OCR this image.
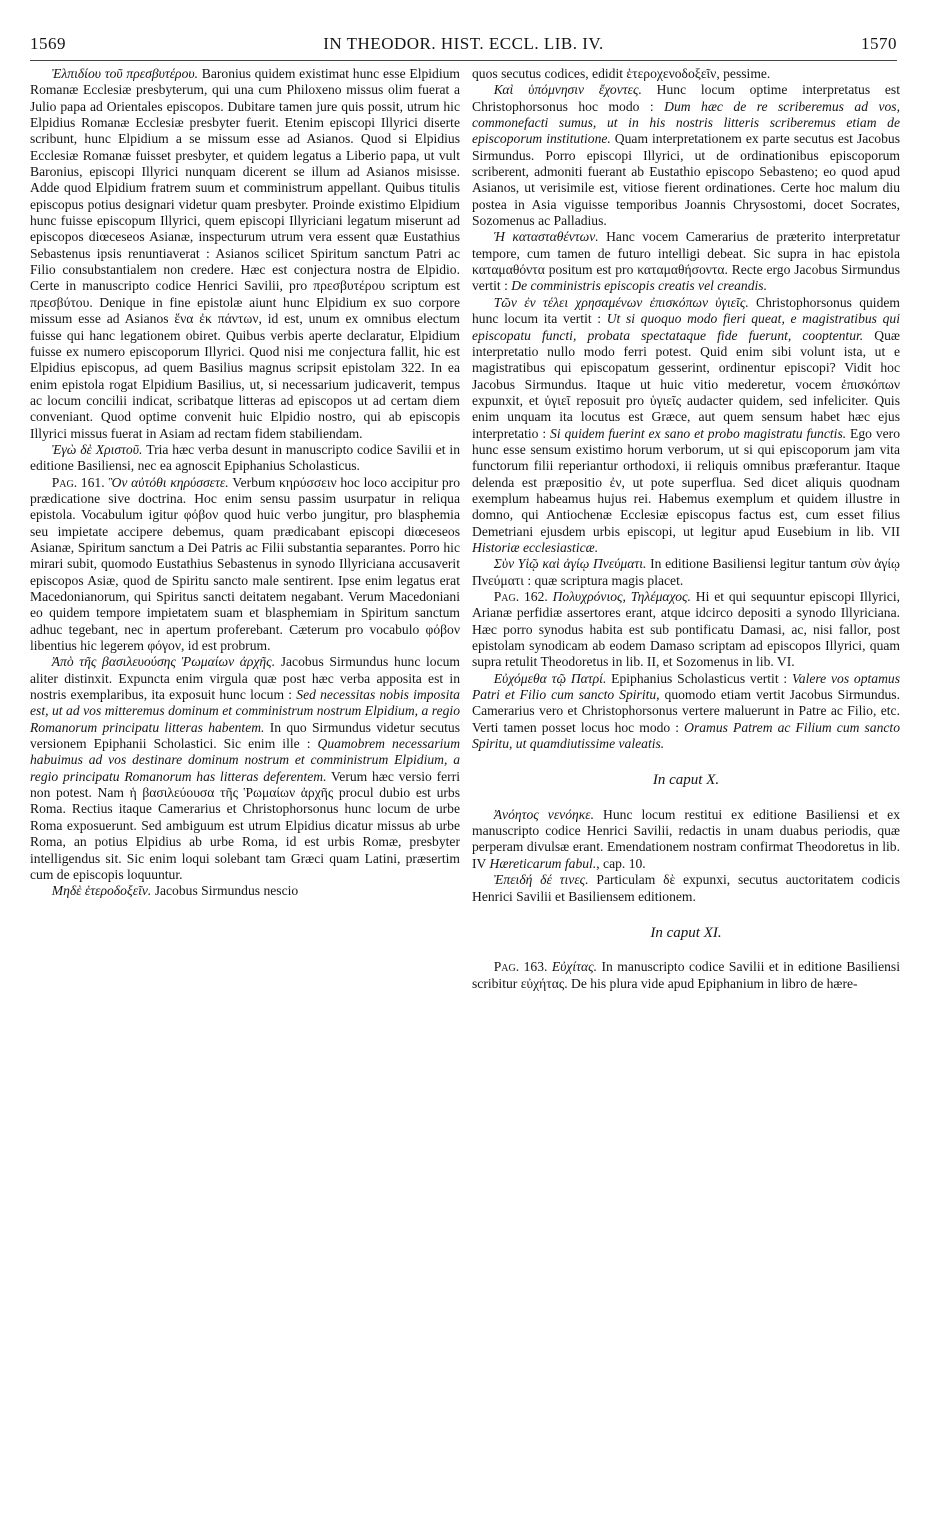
1569	IN THEODOR. HIST. ECCL. LIB. IV.	1570

Ἐλπιδίου τοῦ πρεσβυτέρου. Baronius quidem existimat hunc esse Elpidium Romanæ Ecclesiæ presbyterum, qui una cum Philoxeno missus olim fuerat a Julio papa ad Orientales episcopos. Dubitare tamen jure quis possit, utrum hic Elpidius Romanæ Ecclesiæ presbyter fuerit. Etenim episcopi Illyrici diserte scribunt, hunc Elpidium a se missum esse ad Asianos. Quod si Elpidius Ecclesiæ Romanæ fuisset presbyter, et quidem legatus a Liberio papa, ut vult Baronius, episcopi Illyrici nunquam dicerent se illum ad Asianos misisse. Adde quod Elpidium fratrem suum et comministrum appellant. Quibus titulis episcopus potius designari videtur quam presbyter. Proinde existimo Elpidium hunc fuisse episcopum Illyrici, quem episcopi Illyriciani legatum miserunt ad episcopos diœceseos Asianæ, inspecturum utrum vera essent quæ Eustathius Sebastenus ipsis renuntiaverat : Asianos scilicet Spiritum sanctum Patri ac Filio consubstantialem non credere. Hæc est conjectura nostra de Elpidio. Certe in manuscripto codice Henrici Savilii, pro πρεσβυτέρου scriptum est πρεσβύτου. Denique in fine epistolæ aiunt hunc Elpidium ex suo corpore missum esse ad Asianos ἕνα ἐκ πάντων, id est, unum ex omnibus electum fuisse qui hanc legationem obiret. Quibus verbis aperte declaratur, Elpidium fuisse ex numero episcoporum Illyrici. Quod nisi me conjectura fallit, hic est Elpidius episcopus, ad quem Basilius magnus scripsit epistolam 322. In ea enim epistola rogat Elpidium Basilius, ut, si necessarium judicaverit, tempus ac locum concilii indicat, scribatque litteras ad episcopos ut ad certam diem conveniant. Quod optime convenit huic Elpidio nostro, qui ab episcopis Illyrici missus fuerat in Asiam ad rectam fidem stabiliendam.

Ἐγὼ δὲ Χριστοῦ. Tria hæc verba desunt in manuscripto codice Savilii et in editione Basiliensi, nec ea agnoscit Epiphanius Scholasticus.

Pag. 161. Ὃν αὐτόθι κηρύσσετε. Verbum κηρύσσειν hoc loco accipitur pro prædicatione sive doctrina. Hoc enim sensu passim usurpatur in reliqua epistola. Vocabulum igitur φόβον quod huic verbo jungitur, pro blasphemia seu impietate accipere debemus, quam prædicabant episcopi diœceseos Asianæ, Spiritum sanctum a Dei Patris ac Filii substantia separantes. Porro hic mirari subit, quomodo Eustathius Sebastenus in synodo Illyriciana accusaverit episcopos Asiæ, quod de Spiritu sancto male sentirent. Ipse enim legatus erat Macedonianorum, qui Spiritus sancti deitatem negabant. Verum Macedoniani eo quidem tempore impietatem suam et blasphemiam in Spiritum sanctum adhuc tegebant, nec in apertum proferebant. Cæterum pro vocabulo φόβον libentius hic legerem φόγον, id est probrum.

Ἀπὸ τῆς βασιλευούσης Ῥωμαίων ἀρχῆς. Jacobus Sirmundus hunc locum aliter distinxit. Expuncta enim virgula quæ post hæc verba apposita est in nostris exemplaribus, ita exposuit hunc locum : Sed necessitas nobis imposita est, ut ad vos mitteremus dominum et comministrum nostrum Elpidium, a regio Romanorum principatu litteras habentem. In quo Sirmundus videtur secutus versionem Epiphanii Scholastici. Sic enim ille : Quamobrem necessarium habuimus ad vos destinare dominum nostrum et comministrum Elpidium, a regio principatu Romanorum has litteras deferentem. Verum hæc versio ferri non potest. Nam ἡ βασιλεύουσα τῆς Ῥωμαίων ἀρχῆς procul dubio est urbs Roma. Rectius itaque Camerarius et Christophorsonus hunc locum de urbe Roma exposuerunt. Sed ambiguum est utrum Elpidius dicatur missus ab urbe Roma, an potius Elpidius ab urbe Roma, id est urbis Romæ, presbyter intelligendus sit. Sic enim loqui solebant tam Græci quam Latini, præsertim cum de episcopis loquuntur.

Μηδὲ ἑτεροδοξεῖν. Jacobus Sirmundus nescio

quos secutus codices, edidit ἑτεροχενοδοξεῖν, pessime.

Καὶ ὑπόμνησιν ἔχοντες. Hunc locum optime interpretatus est Christophorsonus hoc modo : Dum hæc de re scriberemus ad vos, commonefacti sumus, ut in his nostris litteris scriberemus etiam de episcoporum institutione. Quam interpretationem ex parte secutus est Jacobus Sirmundus. Porro episcopi Illyrici, ut de ordinationibus episcoporum scriberent, admoniti fuerant ab Eustathio episcopo Sebasteno; eo quod apud Asianos, ut verisimile est, vitiose fierent ordinationes. Certe hoc malum diu postea in Asia viguisse temporibus Joannis Chrysostomi, docet Socrates, Sozomenus ac Palladius.

Ἡ κατασταθέντων. Hanc vocem Camerarius de præterito interpretatur tempore, cum tamen de futuro intelligi debeat. Sic supra in hac epistola καταμαθόντα positum est pro καταμαθήσοντα. Recte ergo Jacobus Sirmundus vertit : De comministris episcopis creatis vel creandis.

Τῶν ἐν τέλει χρησαμένων ἐπισκόπων ὑγιεῖς. Christophorsonus quidem hunc locum ita vertit : Ut si quoquo modo fieri queat, e magistratibus qui episcopatu functi, probata spectataque fide fuerunt, cooptentur. Quæ interpretatio nullo modo ferri potest. Quid enim sibi volunt ista, ut e magistratibus qui episcopatum gesserint, ordinentur episcopi? Vidit hoc Jacobus Sirmundus. Itaque ut huic vitio mederetur, vocem ἐπισκόπων expunxit, et ὑγιεῖ reposuit pro ὑγιεῖς audacter quidem, sed infeliciter. Quis enim unquam ita locutus est Græce, aut quem sensum habet hæc ejus interpretatio : Si quidem fuerint ex sano et probo magistratu functis. Ego vero hunc esse sensum existimo horum verborum, ut si qui episcoporum jam vita functorum filii reperiantur orthodoxi, ii reliquis omnibus præferantur. Itaque delenda est præpositio ἐν, ut pote superflua. Sed dicet aliquis quodnam exemplum habeamus hujus rei. Habemus exemplum et quidem illustre in domno, qui Antiochenæ Ecclesiæ episcopus factus est, cum esset filius Demetriani ejusdem urbis episcopi, ut legitur apud Eusebium in lib. VII Historiæ ecclesiasticæ.

Σὺν Υἱῷ καὶ ἁγίῳ Πνεύματι. In editione Basiliensi legitur tantum σὺν ἁγίῳ Πνεύματι : quæ scriptura magis placet.

Pag. 162. Πολυχρόνιος, Τηλέμαχος. Hi et qui sequuntur episcopi Illyrici, Arianæ perfidiæ assertores erant, atque idcirco depositi a synodo Illyriciana. Hæc porro synodus habita est sub pontificatu Damasi, ac, nisi fallor, post epistolam synodicam ab eodem Damaso scriptam ad episcopos Illyrici, quam supra retulit Theodoretus in lib. II, et Sozomenus in lib. VI.

Εὐχόμεθα τῷ Πατρί. Epiphanius Scholasticus vertit : Valere vos optamus Patri et Filio cum sancto Spiritu, quomodo etiam vertit Jacobus Sirmundus. Camerarius vero et Christophorsonus vertere maluerunt in Patre ac Filio, etc. Verti tamen posset locus hoc modo : Oramus Patrem ac Filium cum sancto Spiritu, ut quamdiutissime valeatis.

In caput X.

Ἀνόητος νενόηκε. Hunc locum restitui ex editione Basiliensi et ex manuscripto codice Henrici Savilii, redactis in unam duabus periodis, quæ perperam divulsæ erant. Emendationem nostram confirmat Theodoretus in lib. IV Hæreticarum fabul., cap. 10.

Ἐπειδή δέ τινες. Particulam δὲ expunxi, secutus auctoritatem codicis Henrici Savilii et Basiliensem editionem.

In caput XI.

Pag. 163. Εὐχίτας. In manuscripto codice Savilii et in editione Basiliensi scribitur εὐχήτας. De his plura vide apud Epiphanium in libro de hære-
